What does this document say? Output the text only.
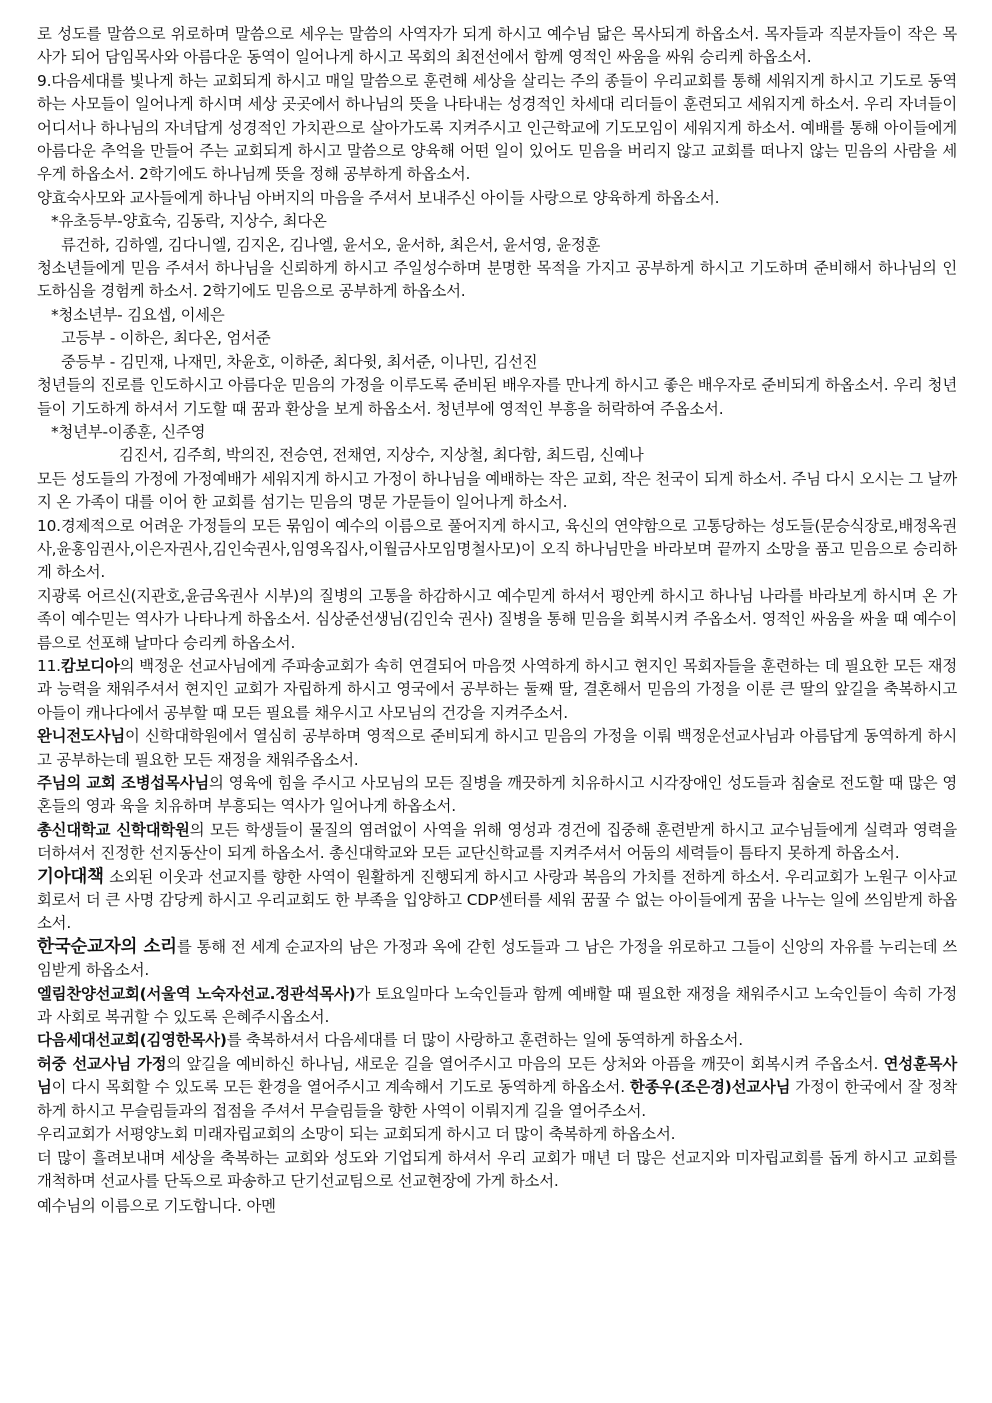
로 성도를 말씀으로 위로하며 말씀으로 세우는 말씀의 사역자가 되게 하시고 예수님 닮은 목사되게 하옵소서. 목자들과 직분자들이 작은 목사가 되어 담임목사와 아름다운 동역이 일어나게 하시고 목회의 최전선에서 함께 영적인 싸움을 싸워 승리케 하옵소서.

9.다음세대를 빛나게 하는 교회되게 하시고 매일 말씀으로 훈련해 세상을 살리는 주의 종들이 우리교회를 통해 세워지게 하시고 기도로 동역하는 사모들이 일어나게 하시며 세상 곳곳에서 하나님의 뜻을 나타내는 성경적인 차세대 리더들이 훈련되고 세워지게 하소서. 우리 자녀들이 어디서나 하나님의 자녀답게 성경적인 가치관으로 살아가도록 지켜주시고 인근학교에 기도모임이 세워지게 하소서. 예배를 통해 아이들에게 아름다운 추억을 만들어 주는 교회되게 하시고 말씀으로 양육해 어떤 일이 있어도 믿음을 버리지 않고 교회를 떠나지 않는 믿음의 사람을 세우게 하옵소서. 2학기에도 하나님께 뜻을 정해 공부하게 하옵소서.

양효숙사모와 교사들에게 하나님 아버지의 마음을 주셔서 보내주신 아이들 사랑으로 양육하게 하옵소서.

*유초등부-양효숙, 김동락, 지상수, 최다온

류건하, 김하엘, 김다니엘, 김지온, 김나엘, 윤서오, 윤서하, 최은서, 윤서영, 윤정훈

청소년들에게 믿음 주셔서 하나님을 신뢰하게 하시고 주일성수하며 분명한 목적을 가지고 공부하게 하시고 기도하며 준비해서 하나님의 인도하심을 경험케 하소서. 2학기에도 믿음으로 공부하게 하옵소서.

*청소년부- 김요셉, 이세은

고등부 - 이하은, 최다온, 엄서준

중등부 - 김민재, 나재민, 차윤호, 이하준, 최다윗, 최서준, 이나민, 김선진

청년들의 진로를 인도하시고 아름다운 믿음의 가정을 이루도록 준비된 배우자를 만나게 하시고 좋은 배우자로 준비되게 하옵소서. 우리 청년들이 기도하게 하셔서 기도할 때 꿈과 환상을 보게 하옵소서. 청년부에 영적인 부흥을 허락하여 주옵소서.

*청년부-이종훈, 신주영

김진서, 김주희, 박의진, 전승연, 전채연, 지상수, 지상철, 최다함, 최드림, 신예나

모든 성도들의 가정에 가정예배가 세워지게 하시고 가정이 하나님을 예배하는 작은 교회, 작은 천국이 되게 하소서. 주님 다시 오시는 그 날까지 온 가족이 대를 이어 한 교회를 섬기는 믿음의 명문 가문들이 일어나게 하소서.

10.경제적으로 어려운 가정들의 모든 묶임이 예수의 이름으로 풀어지게 하시고, 육신의 연약함으로 고통당하는 성도들(문승식장로,배정옥권사,윤홍임권사,이은자권사,김인숙권사,임영옥집사,이월금사모임명철사모)이 오직 하나님만을 바라보며 끝까지 소망을 품고 믿음으로 승리하게 하소서.

지광록 어르신(지관호,윤금옥권사 시부)의 질병의 고통을 하감하시고 예수믿게 하셔서 평안케 하시고 하나님 나라를 바라보게 하시며 온 가족이 예수믿는 역사가 나타나게 하옵소서. 심상준선생님(김인숙 권사) 질병을 통해 믿음을 회복시켜 주옵소서. 영적인 싸움을 싸울 때 예수이름으로 선포해 날마다 승리케 하옵소서.

11.캄보디아의 백정운 선교사님에게 주파송교회가 속히 연결되어 마음껏 사역하게 하시고 현지인 목회자들을 훈련하는 데 필요한 모든 재정과 능력을 채워주셔서 현지인 교회가 자립하게 하시고 영국에서 공부하는 둘째 딸, 결혼해서 믿음의 가정을 이룬 큰 딸의 앞길을 축복하시고 아들이 캐나다에서 공부할 때 모든 필요를 채우시고 사모님의 건강을 지켜주소서.

완니전도사님이 신학대학원에서 열심히 공부하며 영적으로 준비되게 하시고 믿음의 가정을 이뤄 백정운선교사님과 아름답게 동역하게 하시고 공부하는데 필요한 모든 재정을 채워주옵소서.

주님의 교회 조병섭목사님의 영육에 힘을 주시고 사모님의 모든 질병을 깨끗하게 치유하시고 시각장애인 성도들과 침술로 전도할 때 많은 영혼들의 영과 육을 치유하며 부흥되는 역사가 일어나게 하옵소서.

총신대학교 신학대학원의 모든 학생들이 물질의 염려없이 사역을 위해 영성과 경건에 집중해 훈련받게 하시고 교수님들에게 실력과 영력을 더하셔서 진정한 선지동산이 되게 하옵소서. 총신대학교와 모든 교단신학교를 지켜주셔서 어둠의 세력들이 틈타지 못하게 하옵소서.

기아대책 소외된 이웃과 선교지를 향한 사역이 원활하게 진행되게 하시고 사랑과 복음의 가치를 전하게 하소서. 우리교회가 노원구 이사교회로서 더 큰 사명 감당케 하시고 우리교회도 한 부족을 입양하고 CDP센터를 세워 꿈꿀 수 없는 아이들에게 꿈을 나누는 일에 쓰임받게 하옵소서.

한국순교자의 소리를 통해 전 세계 순교자의 남은 가정과 옥에 갇힌 성도들과 그 남은 가정을 위로하고 그들이 신앙의 자유를 누리는데 쓰임받게 하옵소서.

엘림찬양선교회(서울역 노숙자선교.정관석목사)가 토요일마다 노숙인들과 함께 예배할 때 필요한 재정을 채워주시고 노숙인들이 속히 가정과 사회로 복귀할 수 있도록 은혜주시옵소서.

다음세대선교회(김영한목사)를 축복하셔서 다음세대를 더 많이 사랑하고 훈련하는 일에 동역하게 하옵소서.

허중 선교사님 가정의 앞길을 예비하신 하나님, 새로운 길을 열어주시고 마음의 모든 상처와 아픔을 깨끗이 회복시켜 주옵소서. 연성훈목사님이 다시 목회할 수 있도록 모든 환경을 열어주시고 계속해서 기도로 동역하게 하옵소서. 한종우(조은경)선교사님 가정이 한국에서 잘 정착하게 하시고 무슬림들과의 접점을 주셔서 무슬림들을 향한 사역이 이뤄지게 길을 열어주소서.

우리교회가 서평양노회 미래자립교회의 소망이 되는 교회되게 하시고 더 많이 축복하게 하옵소서.

더 많이 흘려보내며 세상을 축복하는 교회와 성도와 기업되게 하셔서 우리 교회가 매년 더 많은 선교지와 미자립교회를 돕게 하시고 교회를 개척하며 선교사를 단독으로 파송하고 단기선교팀으로 선교현장에 가게 하소서.

예수님의 이름으로 기도합니다. 아멘
